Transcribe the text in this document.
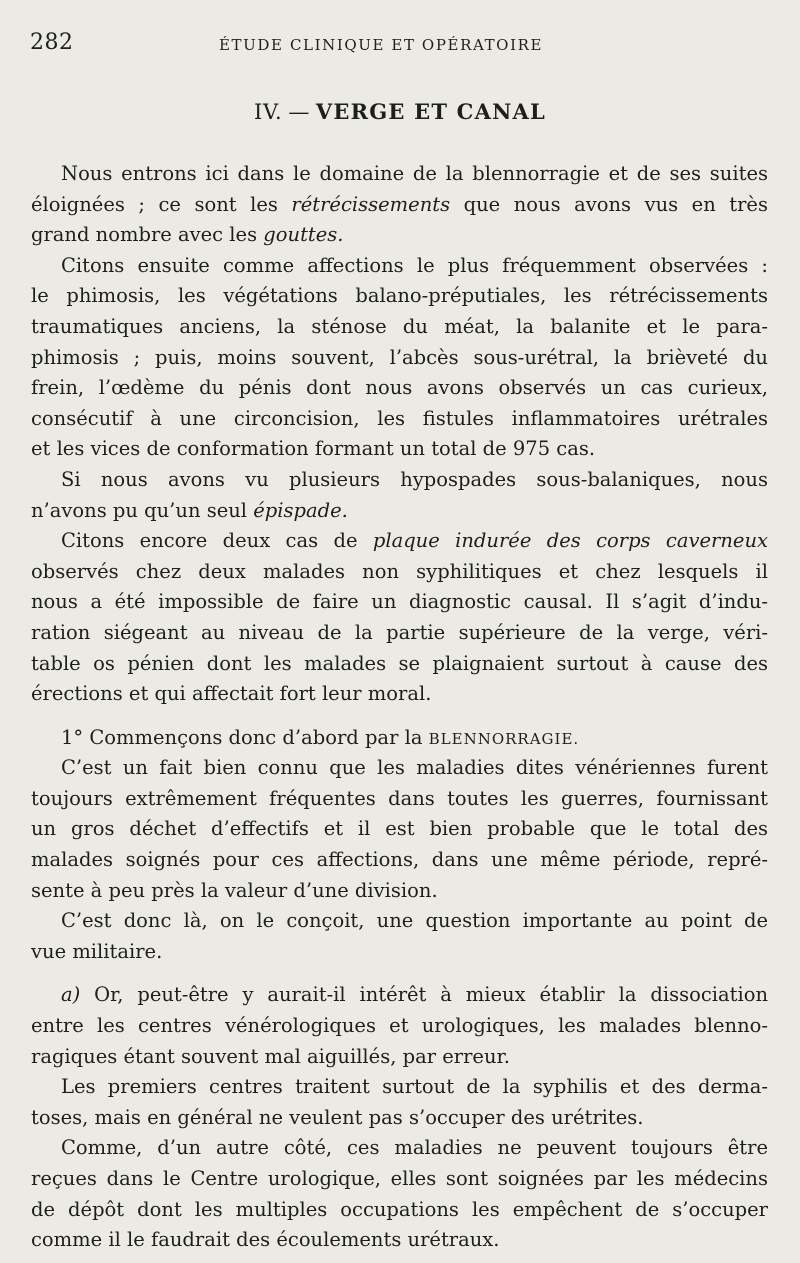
282	ÉTUDE CLINIQUE ET OPÉRATOIRE
IV. — VERGE ET CANAL
Nous entrons ici dans le domaine de la blennorragie et de ses suites
éloignées ; ce sont les rétrécissements que nous avons vus en très
grand nombre avec les gouttes.
Citons ensuite comme affections le plus fréquemment observées :
le phimosis, les végétations balano-préputiales, les rétrécissements
traumatiques anciens, la sténose du méat, la balanite et le para-
phimosis ; puis, moins souvent, l’abcès sous-urétral, la brièveté du
frein, l’œdème du pénis dont nous avons observés un cas curieux,
consécutif à une circoncision, les fistules inflammatoires urétrales
et les vices de conformation formant un total de 975 cas.
Si nous avons vu plusieurs hypospades sous-balaniques, nous
n’avons pu qu’un seul épispade.
Citons encore deux cas de plaque indurée des corps caverneux
observés chez deux malades non syphilitiques et chez lesquels il
nous a été impossible de faire un diagnostic causal. Il s’agit d’indu-
ration siégeant au niveau de la partie supérieure de la verge, véri-
table os pénien dont les malades se plaignaient surtout à cause des
érections et qui affectait fort leur moral.
1° Commençons donc d’abord par la BLENNORRAGIE.
C’est un fait bien connu que les maladies dites vénériennes furent
toujours extrêmement fréquentes dans toutes les guerres, fournissant
un gros déchet d’effectifs et il est bien probable que le total des
malades soignés pour ces affections, dans une même période, repré-
sente à peu près la valeur d’une division.
C’est donc là, on le conçoit, une question importante au point de
vue militaire.
a) Or, peut-être y aurait-il intérêt à mieux établir la dissociation
entre les centres vénérologiques et urologiques, les malades blenno-
ragiques étant souvent mal aiguillés, par erreur.
Les premiers centres traitent surtout de la syphilis et des derma-
toses, mais en général ne veulent pas s’occuper des urétrites.
Comme, d’un autre côté, ces maladies ne peuvent toujours être
reçues dans le Centre urologique, elles sont soignées par les médecins
de dépôt dont les multiples occupations les empêchent de s’occuper
comme il le faudrait des écoulements urétraux.
